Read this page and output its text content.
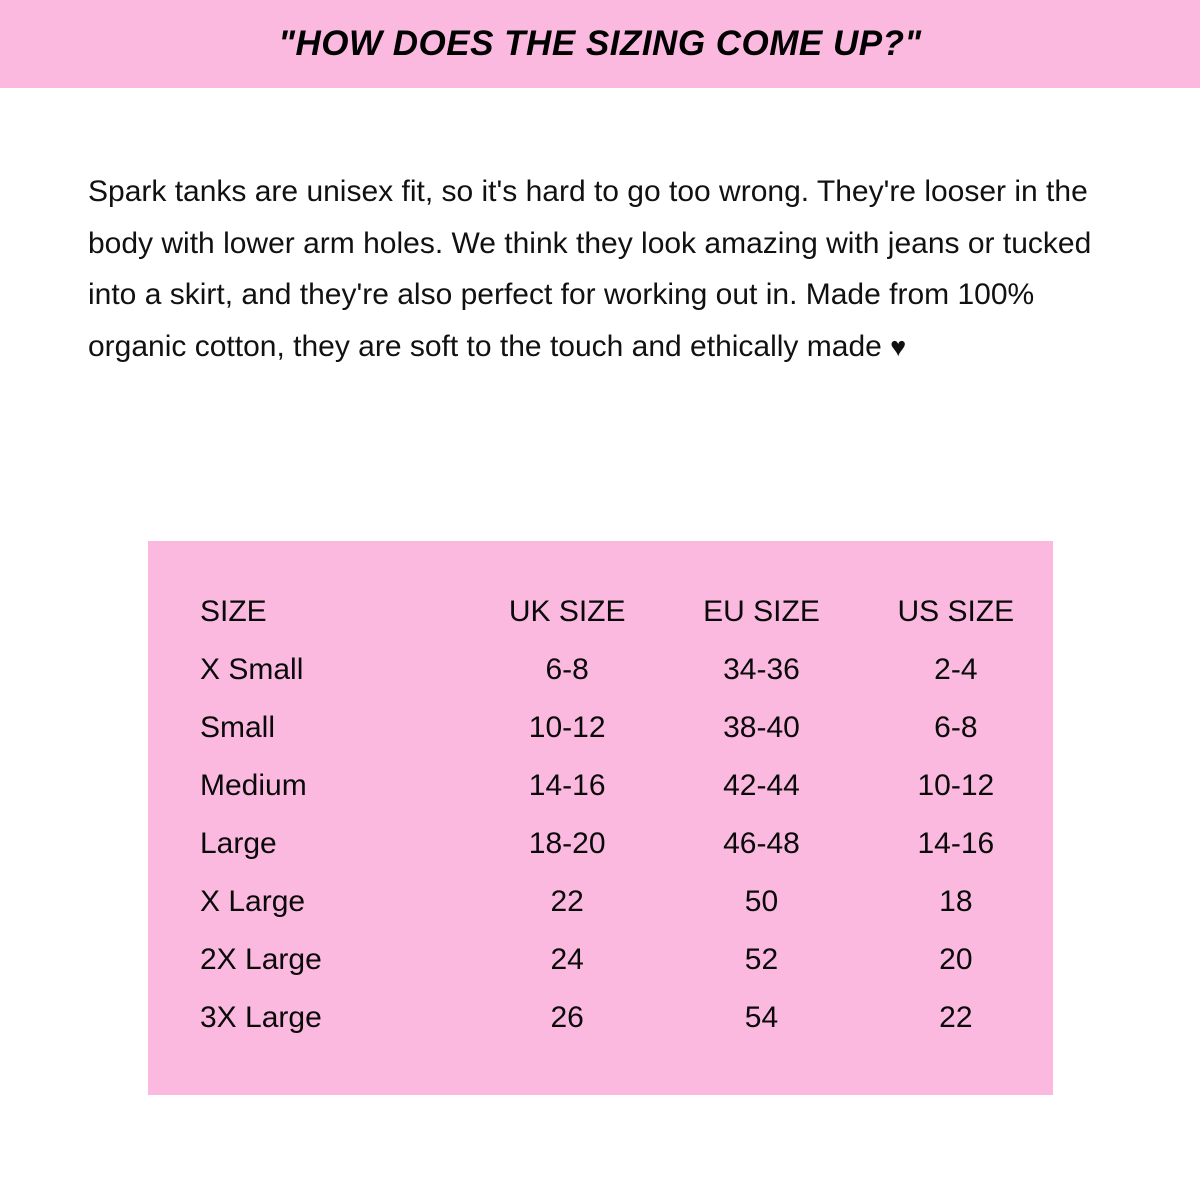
"HOW DOES THE SIZING COME UP?"

Spark tanks are unisex fit, so it's hard to go too wrong. They're looser in the body with lower arm holes. We think they look amazing with jeans or tucked into a skirt, and they're also perfect for working out in. Made from 100% organic cotton, they are soft to the touch and ethically made ♥

SIZE	UK SIZE	EU SIZE	US SIZE
X Small	6-8	34-36	2-4
Small	10-12	38-40	6-8
Medium	14-16	42-44	10-12
Large	18-20	46-48	14-16
X Large	22	50	18
2X Large	24	52	20
3X Large	26	54	22
